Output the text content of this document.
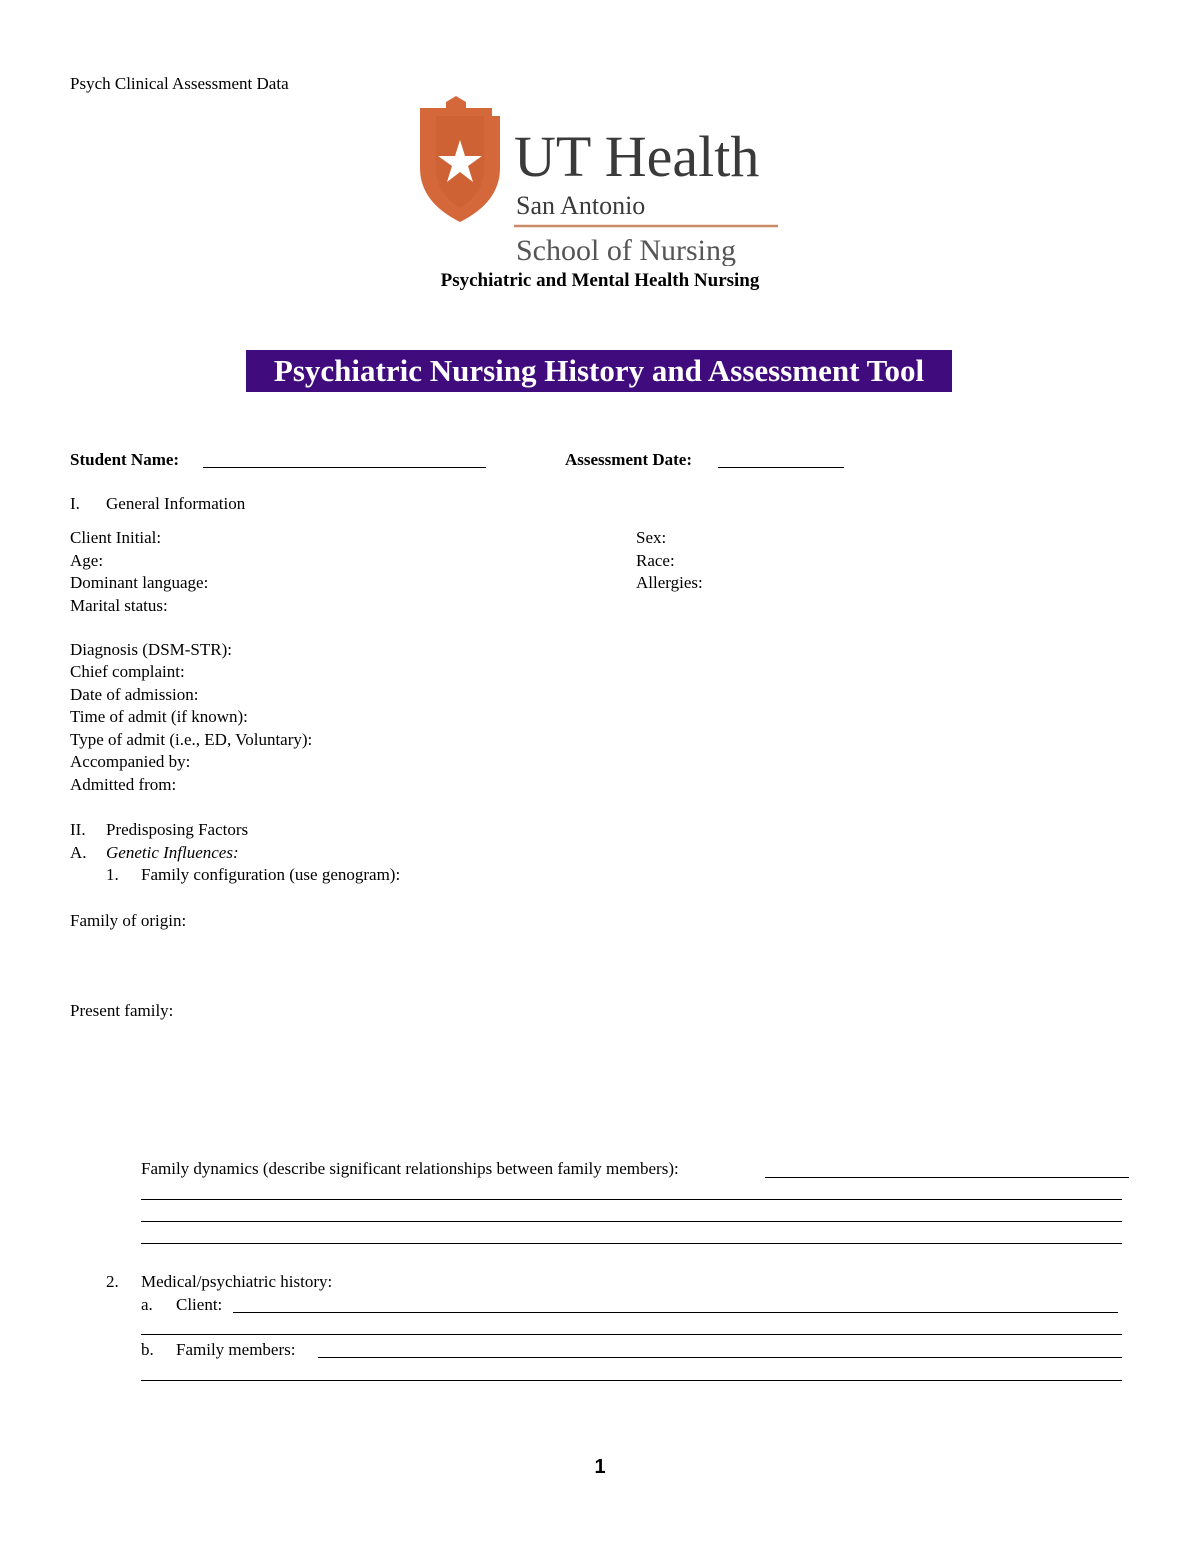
Psych Clinical Assessment Data
UT Health
San Antonio
School of Nursing
Psychiatric and Mental Health Nursing
Psychiatric Nursing History and Assessment Tool
Student Name:	Assessment Date:
I. General Information
Client Initial:
Age:
Dominant language:
Marital status:
Sex:
Race:
Allergies:
Diagnosis (DSM-STR):
Chief complaint:
Date of admission:
Time of admit (if known):
Type of admit (i.e., ED, Voluntary):
Accompanied by:
Admitted from:
II. Predisposing Factors
A. Genetic Influences:
1. Family configuration (use genogram):
Family of origin:
Present family:
Family dynamics (describe significant relationships between family members):
2. Medical/psychiatric history:
a. Client:
b. Family members:
1
